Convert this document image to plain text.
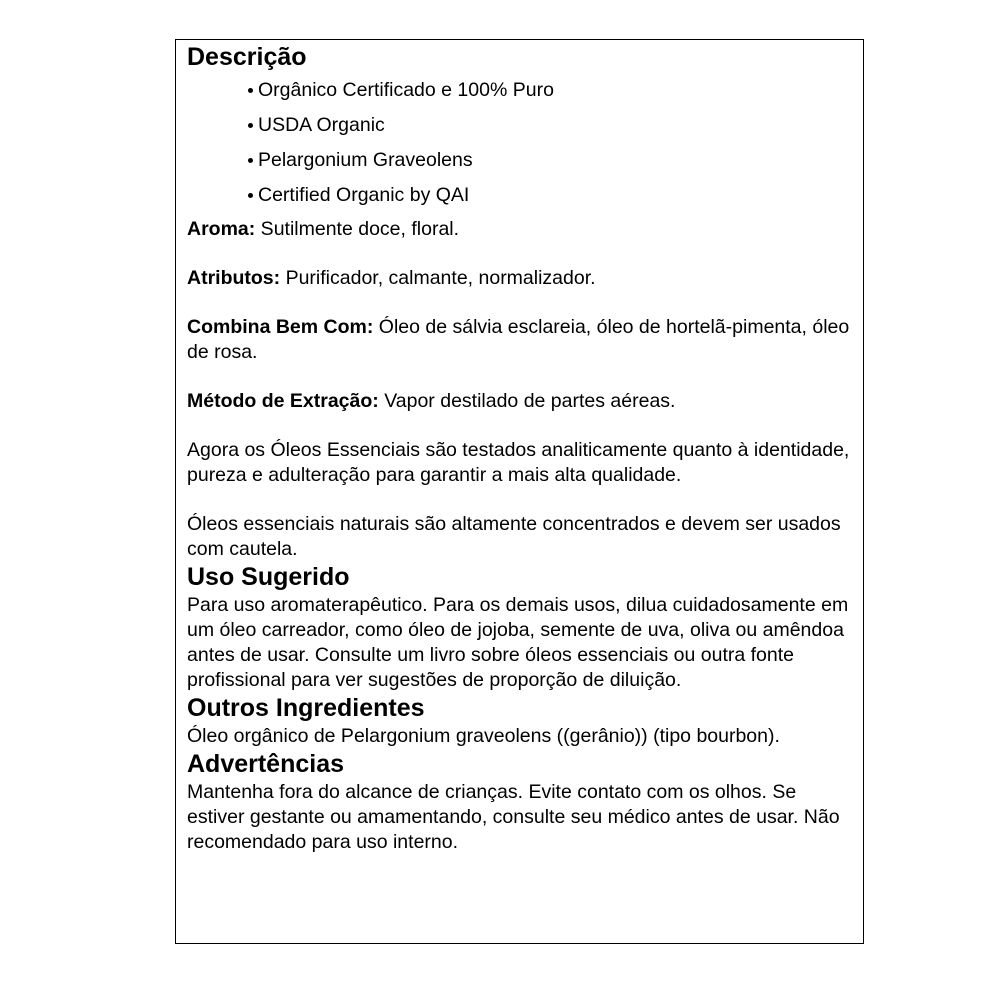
Descrição
Orgânico Certificado e 100% Puro
USDA Organic
Pelargonium Graveolens
Certified Organic by QAI

Aroma: Sutilmente doce, floral.

Atributos: Purificador, calmante, normalizador.

Combina Bem Com: Óleo de sálvia esclareia, óleo de hortelã-pimenta, óleo de rosa.

Método de Extração: Vapor destilado de partes aéreas.

Agora os Óleos Essenciais são testados analiticamente quanto à identidade, pureza e adulteração para garantir a mais alta qualidade.

Óleos essenciais naturais são altamente concentrados e devem ser usados com cautela.

Uso Sugerido

Para uso aromaterapêutico. Para os demais usos, dilua cuidadosamente em um óleo carreador, como óleo de jojoba, semente de uva, oliva ou amêndoa antes de usar. Consulte um livro sobre óleos essenciais ou outra fonte profissional para ver sugestões de proporção de diluição.

Outros Ingredientes

Óleo orgânico de Pelargonium graveolens ((gerânio)) (tipo bourbon).

Advertências

Mantenha fora do alcance de crianças. Evite contato com os olhos. Se estiver gestante ou amamentando, consulte seu médico antes de usar. Não recomendado para uso interno.
